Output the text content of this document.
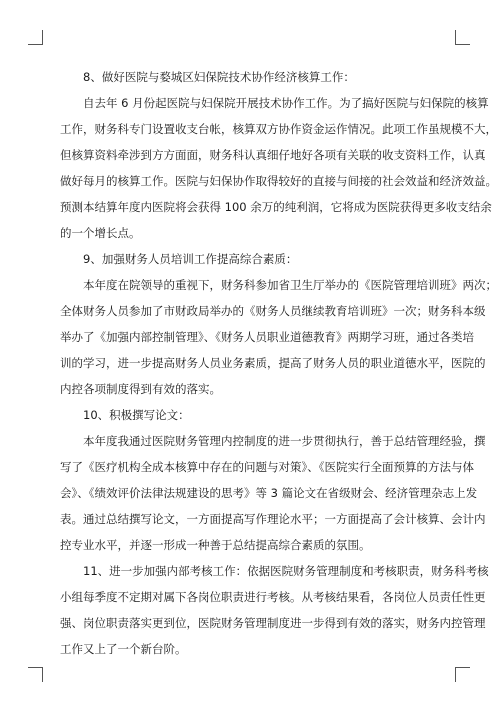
8、做好医院与婺城区妇保院技术协作经济核算工作：
自去年 6 月份起医院与妇保院开展技术协作工作。为了搞好医院与妇保院的核算
工作，财务科专门设置收支台帐，核算双方协作资金运作情况。此项工作虽规模不大，
但核算资料牵涉到方方面面，财务科认真细仔地好各项有关联的收支资料工作，认真
做好每月的核算工作。医院与妇保协作取得较好的直接与间接的社会效益和经济效益。
预测本结算年度内医院将会获得 100 余万的纯利润，它将成为医院获得更多收支结余
的一个增长点。
9、加强财务人员培训工作提高综合素质：
本年度在院领导的重视下，财务科参加省卫生厅举办的《医院管理培训班》两次；
全体财务人员参加了市财政局举办的《财务人员继续教育培训班》一次；财务科本级
举办了《加强内部控制管理》、《财务人员职业道德教育》两期学习班，通过各类培
训的学习，进一步提高财务人员业务素质，提高了财务人员的职业道德水平，医院的
内控各项制度得到有效的落实。
10、积极撰写论文：
本年度我通过医院财务管理内控制度的进一步贯彻执行，善于总结管理经验，撰
写了《医疗机构全成本核算中存在的问题与对策》、《医院实行全面预算的方法与体
会》、《绩效评价法律法规建设的思考》等 3 篇论文在省级财会、经济管理杂志上发
表。通过总结撰写论文，一方面提高写作理论水平；一方面提高了会计核算、会计内
控专业水平，并逐一形成一种善于总结提高综合素质的氛围。
11、进一步加强内部考核工作：依据医院财务管理制度和考核职责，财务科考核
小组每季度不定期对属下各岗位职责进行考核。从考核结果看，各岗位人员责任性更
强、岗位职责落实更到位，医院财务管理制度进一步得到有效的落实，财务内控管理
工作又上了一个新台阶。
